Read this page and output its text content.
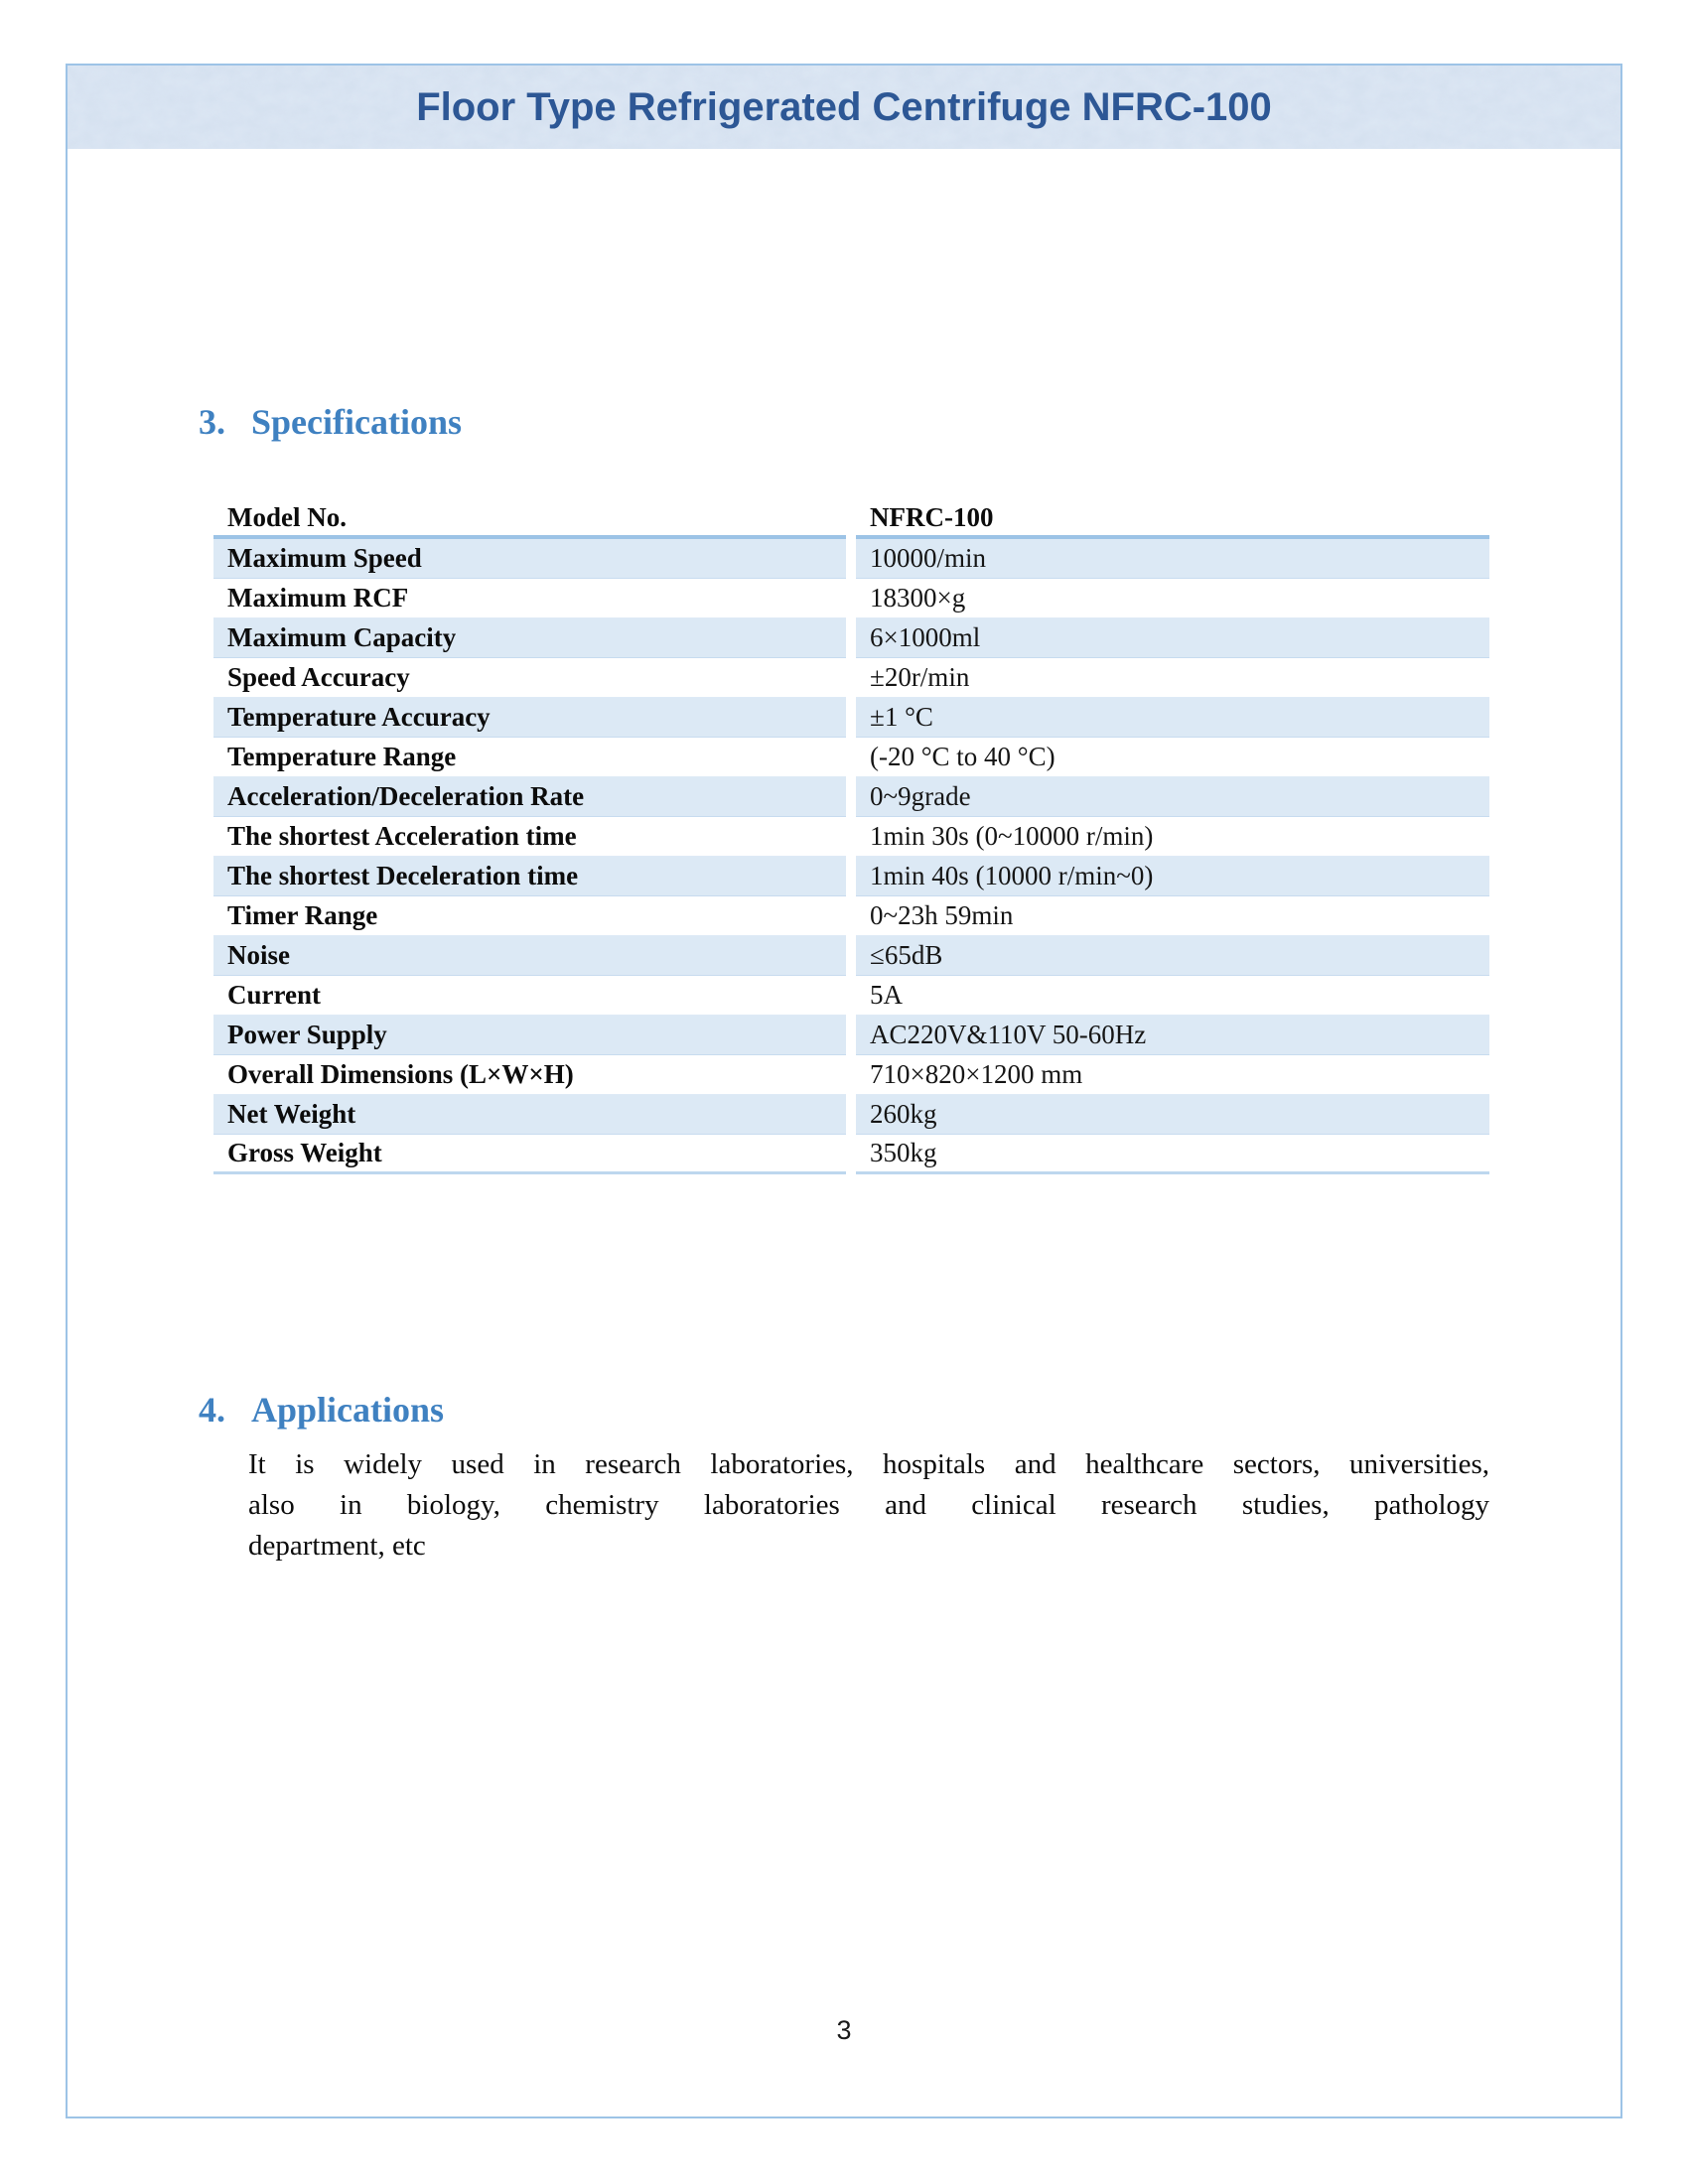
Floor Type Refrigerated Centrifuge NFRC-100
3. Specifications
Model No.	NFRC-100
Maximum Speed	10000/min
Maximum RCF	18300×g
Maximum Capacity	6×1000ml
Speed Accuracy	±20r/min
Temperature Accuracy	±1 °C
Temperature Range	(-20 °C to 40 °C)
Acceleration/Deceleration Rate	0~9grade
The shortest Acceleration time	1min 30s (0~10000 r/min)
The shortest Deceleration time	1min 40s (10000 r/min~0)
Timer Range	0~23h 59min
Noise	≤65dB
Current	5A
Power Supply	AC220V&110V 50-60Hz
Overall Dimensions (L×W×H)	710×820×1200 mm
Net Weight	260kg
Gross Weight	350kg
4. Applications
It is widely used in research laboratories, hospitals and healthcare sectors, universities,
also in biology, chemistry laboratories and clinical research studies, pathology
department, etc
3
